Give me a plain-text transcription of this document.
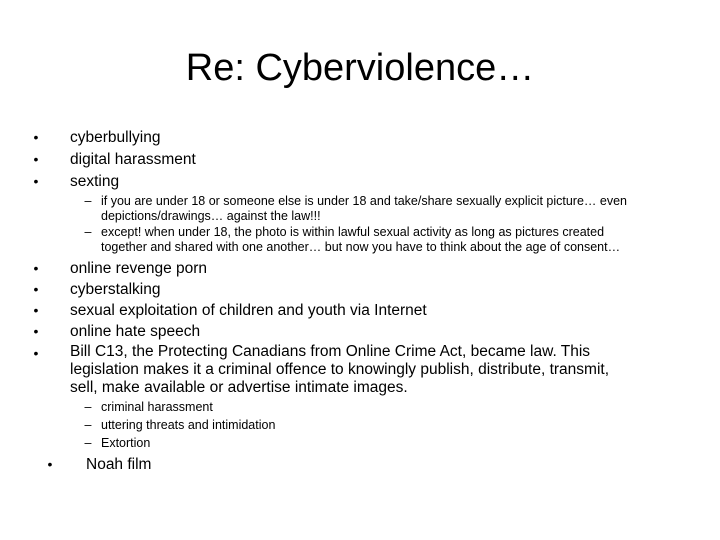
Re: Cyberviolence…
• cyberbullying
• digital harassment
• sexting
– if you are under 18 or someone else is under 18 and take/share sexually explicit picture… even
depictions/drawings… against the law!!!
– except! when under 18, the photo is within lawful sexual activity as long as pictures created
together and shared with one another… but now you have to think about the age of consent…
• online revenge porn
• cyberstalking
• sexual exploitation of children and youth via Internet
• online hate speech
• Bill C13, the Protecting Canadians from Online Crime Act, became law. This
legislation makes it a criminal offence to knowingly publish, distribute, transmit,
sell, make available or advertise intimate images.
– criminal harassment
– uttering threats and intimidation
– Extortion
• Noah film
